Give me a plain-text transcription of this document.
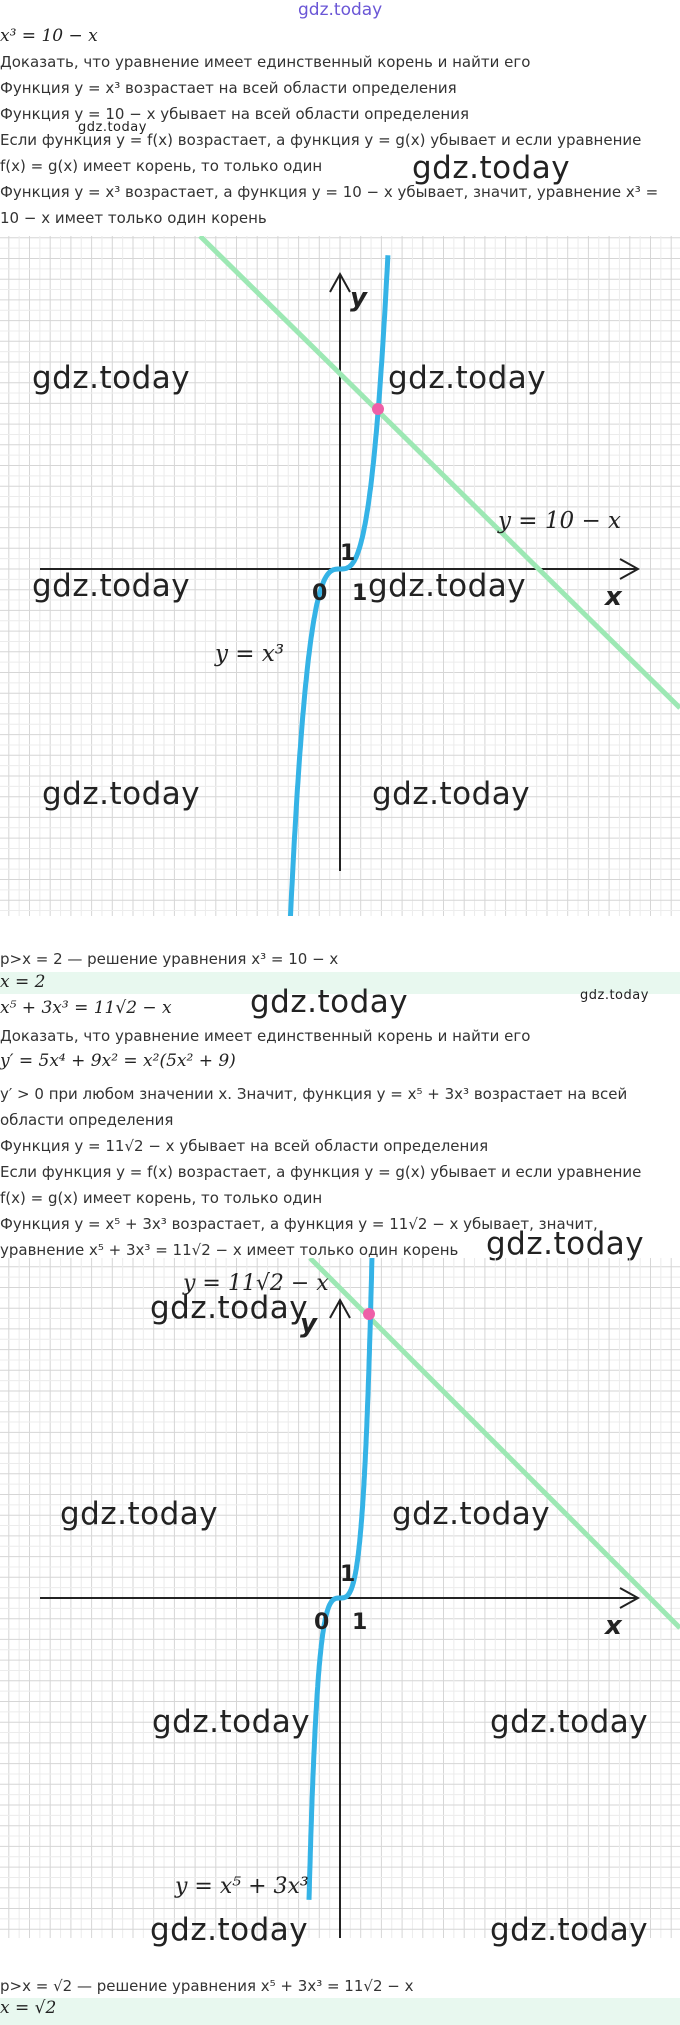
gdz.today
x³ = 10 − x
Доказать, что уравнение имеет единственный корень и найти его
Функция y = x³ возрастает на всей области определения
Функция y = 10 − x убывает на всей области определения
Если функция y = f(x) возрастает, а функция y = g(x) убывает и если уравнение
f(x) = g(x) имеет корень, то только один
Функция y = x³ возрастает, а функция y = 10 − x убывает, значит, уравнение x³ =
10 − x имеет только один корень
gdz.today
gdz.today
x
y
0 1
1
y = x³
y = 10 − x
gdz.today	gdz.today
gdz.today	gdz.today
gdz.today	gdz.today
p>x = 2 — решение уравнения x³ = 10 − x
x = 2
x⁵ + 3x³ = 11√2 − x	gdz.today	gdz.today
Доказать, что уравнение имеет единственный корень и найти его
y′ = 5x⁴ + 9x² = x²(5x² + 9)
y′ > 0 при любом значении x. Значит, функция y = x⁵ + 3x³ возрастает на всей
области определения
Функция y = 11√2 − x убывает на всей области определения
Если функция y = f(x) возрастает, а функция y = g(x) убывает и если уравнение
f(x) = g(x) имеет корень, то только один
Функция y = x⁵ + 3x³ возрастает, а функция y = 11√2 − x убывает, значит,
уравнение x⁵ + 3x³ = 11√2 − x имеет только один корень gdz.today
x
y
0 1
1
y = x⁵ + 3x³
y = 11√2 − x
gdz.today
gdz.today	gdz.today
gdz.today	gdz.today
gdz.today	gdz.today
p>x = √2 — решение уравнения x⁵ + 3x³ = 11√2 − x
x = √2
